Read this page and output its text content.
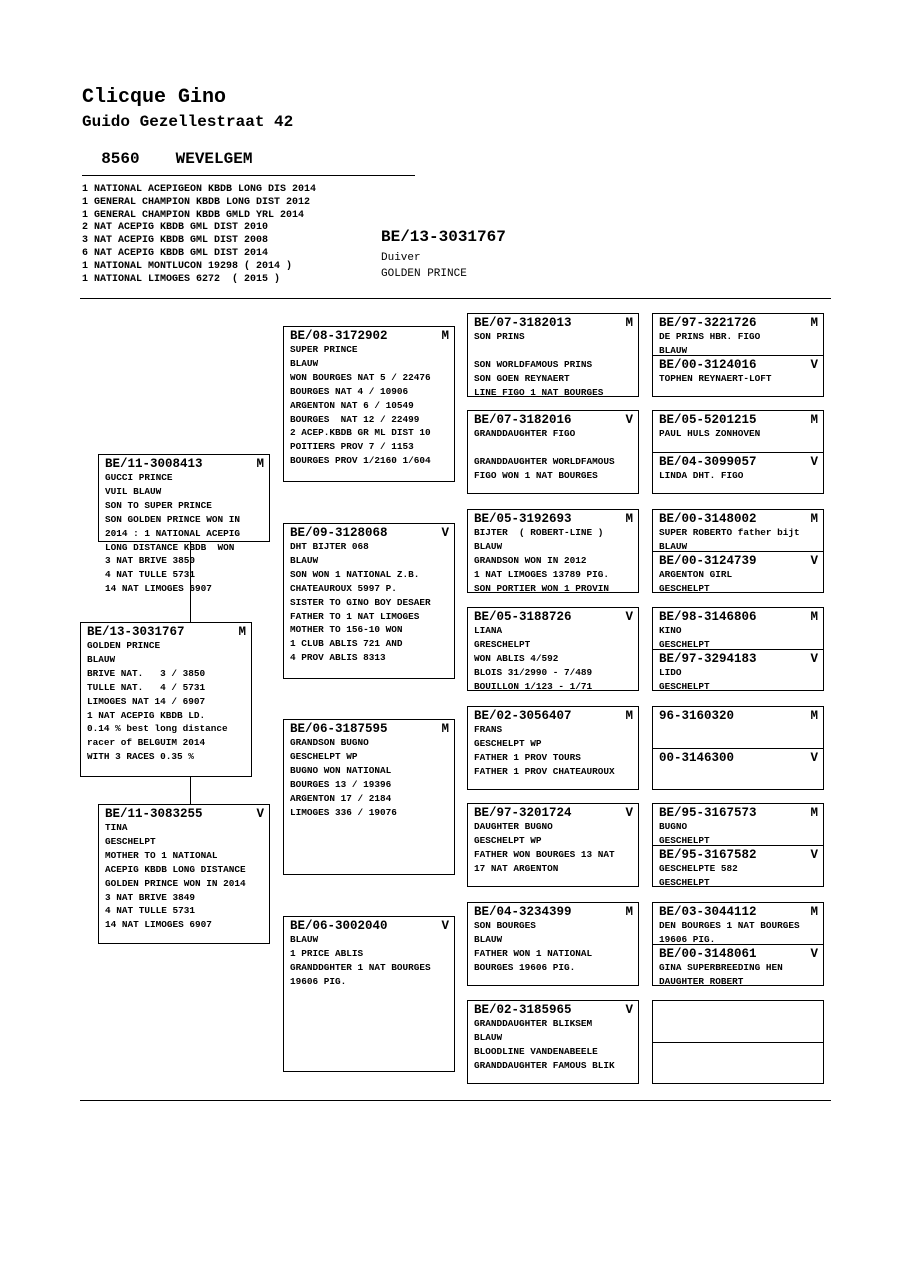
Clicque Gino
Guido Gezellestraat 42

8560 WEVELGEM

1 NATIONAL ACEPIGEON KBDB LONG DIS 2014
1 GENERAL CHAMPION KBDB LONG DIST 2012
1 GENERAL CHAMPION KBDB GMLD YRL 2014
2 NAT ACEPIG KBDB GML DIST 2010
3 NAT ACEPIG KBDB GML DIST 2008
6 NAT ACEPIG KBDB GML DIST 2014
1 NATIONAL MONTLUCON 19298 ( 2014 )
1 NATIONAL LIMOGES 6272  ( 2015 )
BE/13-3031767
Duiver
GOLDEN PRINCE
BE/13-3031767	M
GOLDEN PRINCE
BLAUW
BRIVE NAT.   3 / 3850
TULLE NAT.   4 / 5731
LIMOGES NAT 14 / 6907
1 NAT ACEPIG KBDB LD.
0.14 % best long distance
racer of BELGUIM 2014
WITH 3 RACES 0.35 %
BE/11-3008413	M
GUCCI PRINCE
VUIL BLAUW
SON TO SUPER PRINCE
SON GOLDEN PRINCE WON IN
2014 : 1 NATIONAL ACEPIG
LONG DISTANCE KBDB  WON
3 NAT BRIVE 3850
4 NAT TULLE 5731
14 NAT LIMOGES 6907
BE/11-3083255	V
TINA
GESCHELPT
MOTHER TO 1 NATIONAL
ACEPIG KBDB LONG DISTANCE
GOLDEN PRINCE WON IN 2014
3 NAT BRIVE 3849
4 NAT TULLE 5731
14 NAT LIMOGES 6907
BE/08-3172902	M
SUPER PRINCE
BLAUW
WON BOURGES NAT 5 / 22476
BOURGES NAT 4 / 10906
ARGENTON NAT 6 / 10549
BOURGES  NAT 12 / 22499
2 ACEP.KBDB GR ML DIST 10
POITIERS PROV 7 / 1153
BOURGES PROV 1/2160 1/604
BE/09-3128068	V
DHT BIJTER 068
BLAUW
SON WON 1 NATIONAL Z.B.
CHATEAUROUX 5997 P.
SISTER TO GINO BOY DESAER
FATHER TO 1 NAT LIMOGES
MOTHER TO 156-10 WON
1 CLUB ABLIS 721 AND
4 PROV ABLIS 8313
BE/06-3187595	M
GRANDSON BUGNO
GESCHELPT WP
BUGNO WON NATIONAL
BOURGES 13 / 19396
ARGENTON 17 / 2184
LIMOGES 336 / 19076
BE/06-3002040	V
BLAUW
1 PRICE ABLIS
GRANDDGHTER 1 NAT BOURGES
19606 PIG.
BE/07-3182013	M
SON PRINS
SON WORLDFAMOUS PRINS
SON GOEN REYNAERT
LINE FIGO 1 NAT BOURGES
BE/07-3182016	V
GRANDDAUGHTER FIGO
GRANDDAUGHTER WORLDFAMOUS
FIGO WON 1 NAT BOURGES
BE/05-3192693	M
BIJTER  ( ROBERT-LINE )
BLAUW
GRANDSON WON IN 2012
1 NAT LIMOGES 13789 PIG.
SON PORTIER WON 1 PROVIN
BE/05-3188726	V
LIANA
GRESCHELPT
WON ABLIS 4/592
BLOIS 31/2990 - 7/489
BOUILLON 1/123 - 1/71
BE/02-3056407	M
FRANS
GESCHELPT WP
FATHER 1 PROV TOURS
FATHER 1 PROV CHATEAUROUX
BE/97-3201724	V
DAUGHTER BUGNO
GESCHELPT WP
FATHER WON BOURGES 13 NAT
17 NAT ARGENTON
BE/04-3234399	M
SON BOURGES
BLAUW
FATHER WON 1 NATIONAL
BOURGES 19606 PIG.
BE/02-3185965	V
GRANDDAUGHTER BLIKSEM
BLAUW
BLOODLINE VANDENABEELE
GRANDDAUGHTER FAMOUS BLIK
BE/97-3221726	M
DE PRINS HBR. FIGO
BLAUW
BE/00-3124016	V
TOPHEN REYNAERT-LOFT
BE/05-5201215	M
PAUL HULS ZONHOVEN
BE/04-3099057	V
LINDA DHT. FIGO
BE/00-3148002	M
SUPER ROBERTO father bijt
BLAUW
BE/00-3124739	V
ARGENTON GIRL
GESCHELPT
BE/98-3146806	M
KINO
GESCHELPT
BE/97-3294183	V
LIDO
GESCHELPT
96-3160320	M
00-3146300	V
BE/95-3167573	M
BUGNO
GESCHELPT
BE/95-3167582	V
GESCHELPTE 582
GESCHELPT
BE/03-3044112	M
DEN BOURGES 1 NAT BOURGES
19606 PIG.
BE/00-3148061	V
GINA SUPERBREEDING HEN
DAUGHTER ROBERT
